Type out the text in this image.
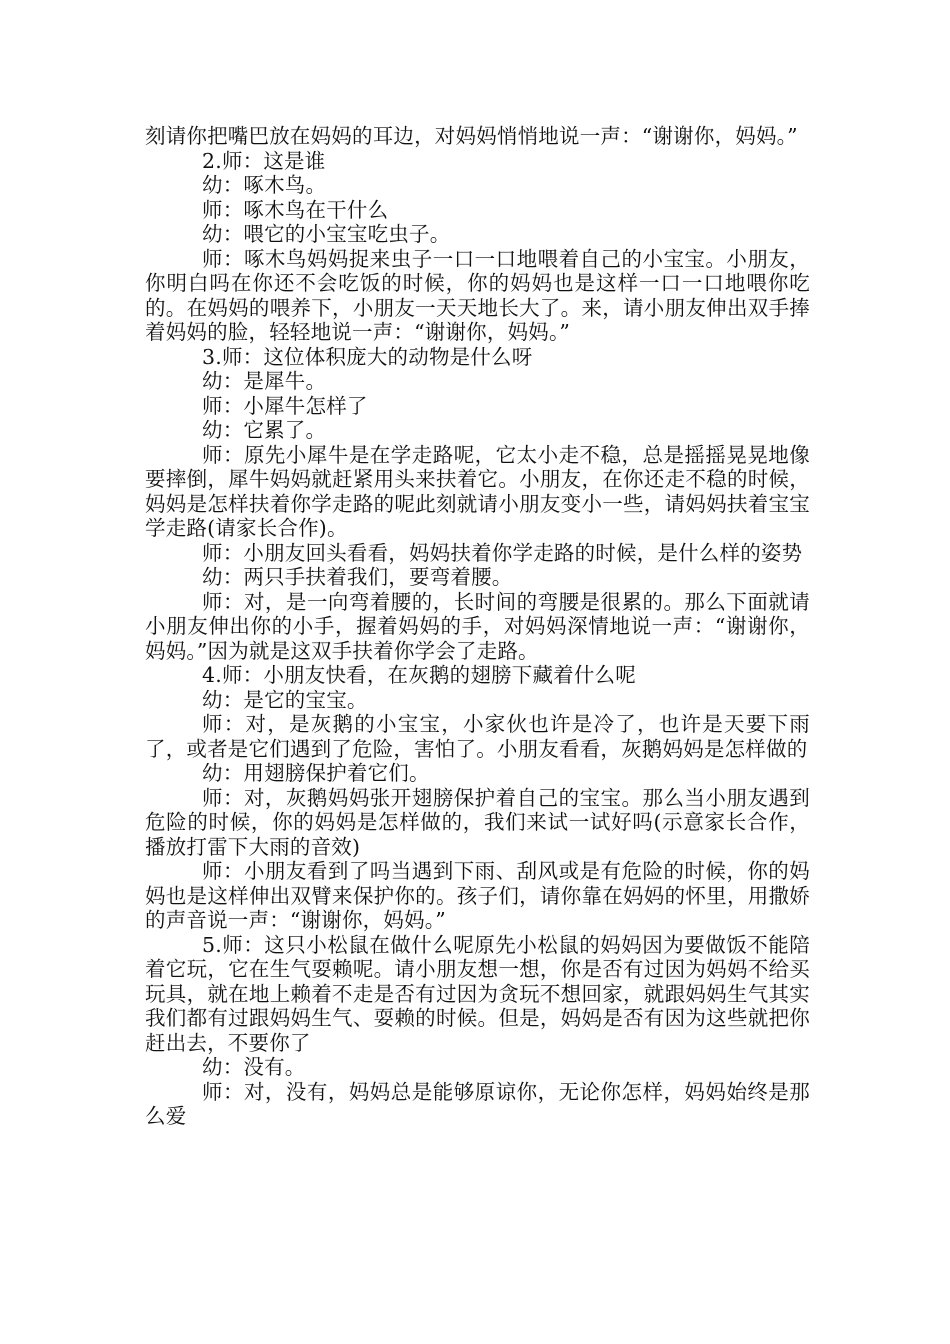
刻请你把嘴巴放在妈妈的耳边，对妈妈悄悄地说一声：“谢谢你，妈妈。”

2.师：这是谁

幼：啄木鸟。

师：啄木鸟在干什么

幼：喂它的小宝宝吃虫子。

师：啄木鸟妈妈捉来虫子一口一口地喂着自己的小宝宝。小朋友，你明白吗在你还不会吃饭的时候，你的妈妈也是这样一口一口地喂你吃的。在妈妈的喂养下，小朋友一天天地长大了。来，请小朋友伸出双手捧着妈妈的脸，轻轻地说一声：“谢谢你，妈妈。”

3.师：这位体积庞大的动物是什么呀

幼：是犀牛。

师：小犀牛怎样了

幼：它累了。

师：原先小犀牛是在学走路呢，它太小走不稳，总是摇摇晃晃地像要摔倒，犀牛妈妈就赶紧用头来扶着它。小朋友，在你还走不稳的时候，妈妈是怎样扶着你学走路的呢此刻就请小朋友变小一些，请妈妈扶着宝宝学走路(请家长合作)。

师：小朋友回头看看，妈妈扶着你学走路的时候，是什么样的姿势

幼：两只手扶着我们，要弯着腰。

师：对，是一向弯着腰的，长时间的弯腰是很累的。那么下面就请小朋友伸出你的小手，握着妈妈的手，对妈妈深情地说一声：“谢谢你，妈妈。”因为就是这双手扶着你学会了走路。

4.师：小朋友快看，在灰鹅的翅膀下藏着什么呢

幼：是它的宝宝。

师：对，是灰鹅的小宝宝，小家伙也许是冷了，也许是天要下雨了，或者是它们遇到了危险，害怕了。小朋友看看，灰鹅妈妈是怎样做的

幼：用翅膀保护着它们。

师：对，灰鹅妈妈张开翅膀保护着自己的宝宝。那么当小朋友遇到危险的时候，你的妈妈是怎样做的，我们来试一试好吗(示意家长合作，播放打雷下大雨的音效)

师：小朋友看到了吗当遇到下雨、刮风或是有危险的时候，你的妈妈也是这样伸出双臂来保护你的。孩子们，请你靠在妈妈的怀里，用撒娇的声音说一声：“谢谢你，妈妈。”

5.师：这只小松鼠在做什么呢原先小松鼠的妈妈因为要做饭不能陪着它玩，它在生气耍赖呢。请小朋友想一想，你是否有过因为妈妈不给买玩具，就在地上赖着不走是否有过因为贪玩不想回家，就跟妈妈生气其实我们都有过跟妈妈生气、耍赖的时候。但是，妈妈是否有因为这些就把你赶出去，不要你了

幼：没有。

师：对，没有，妈妈总是能够原谅你，无论你怎样，妈妈始终是那么爱
